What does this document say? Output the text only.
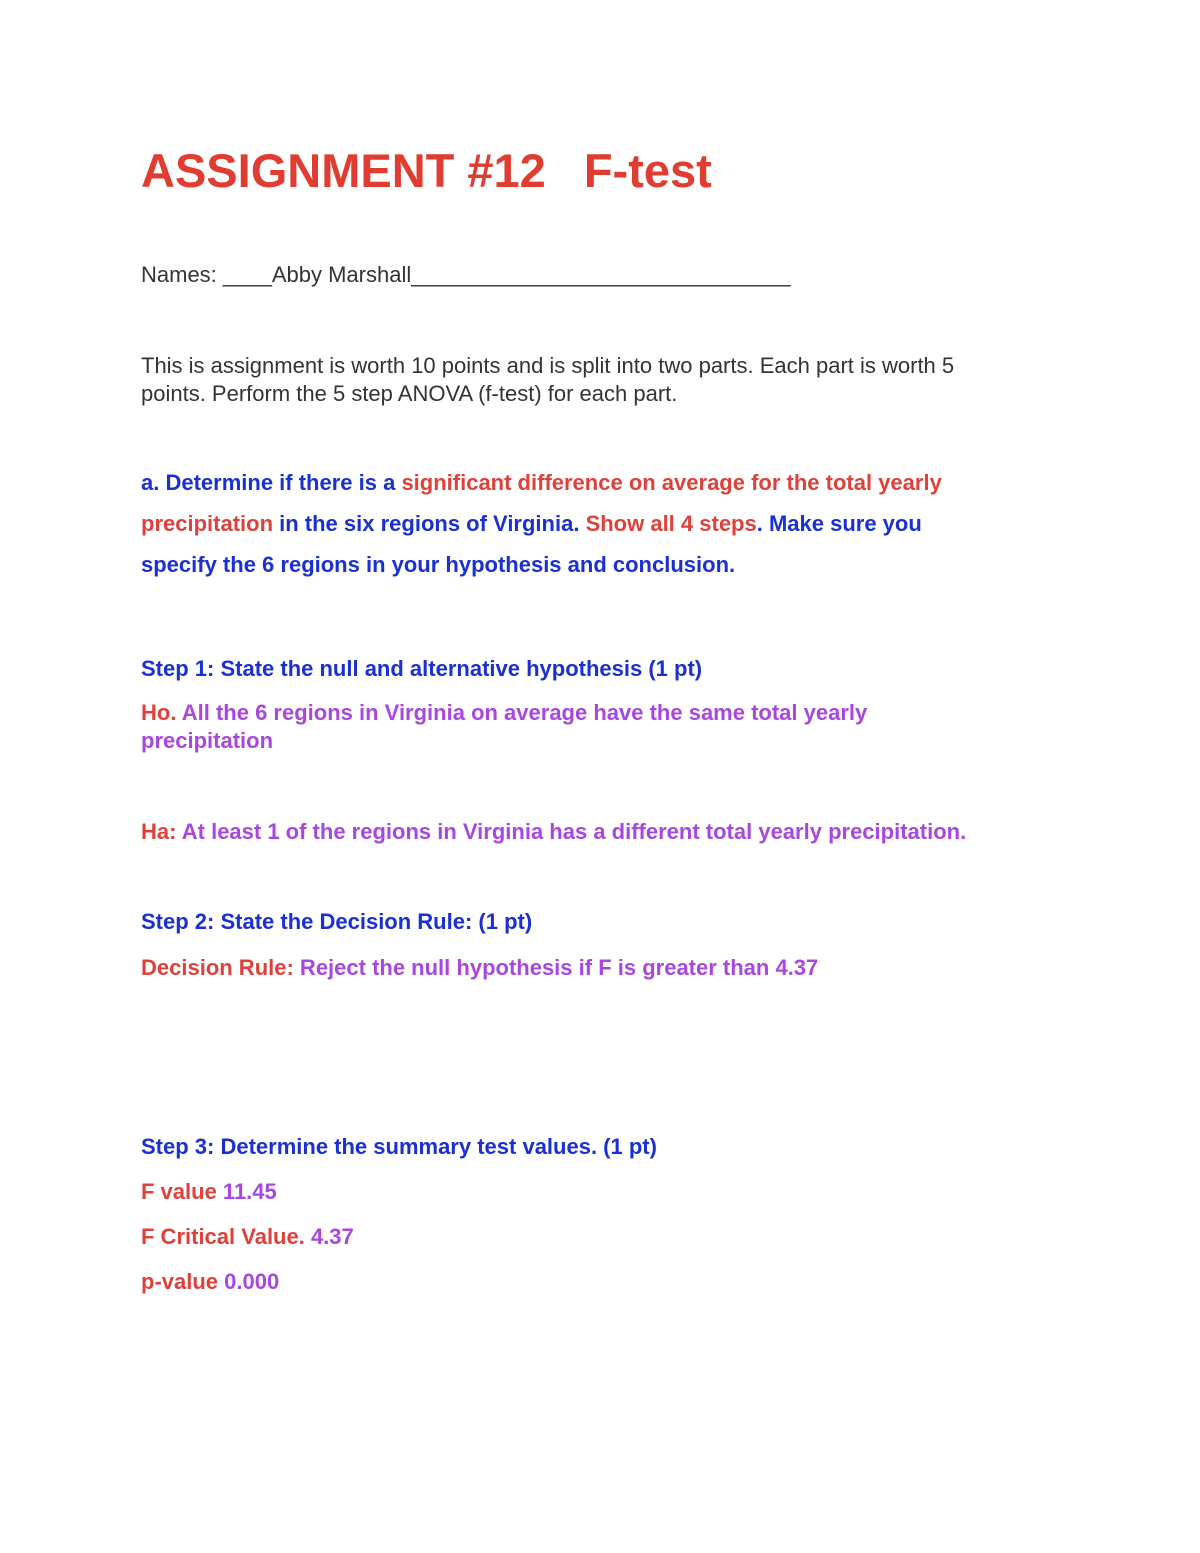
ASSIGNMENT #12 F-test
Names: ____Abby Marshall_______________________________
This is assignment is worth 10 points and is split into two parts. Each part is worth 5
points. Perform the 5 step ANOVA (f-test) for each part.
a. Determine if there is a significant difference on average for the total yearly
precipitation in the six regions of Virginia. Show all 4 steps. Make sure you
specify the 6 regions in your hypothesis and conclusion.
Step 1: State the null and alternative hypothesis (1 pt)
Ho. All the 6 regions in Virginia on average have the same total yearly
precipitation
Ha: At least 1 of the regions in Virginia has a different total yearly precipitation.
Step 2: State the Decision Rule: (1 pt)
Decision Rule: Reject the null hypothesis if F is greater than 4.37
Step 3: Determine the summary test values. (1 pt)
F value 11.45
F Critical Value. 4.37
p-value 0.000
